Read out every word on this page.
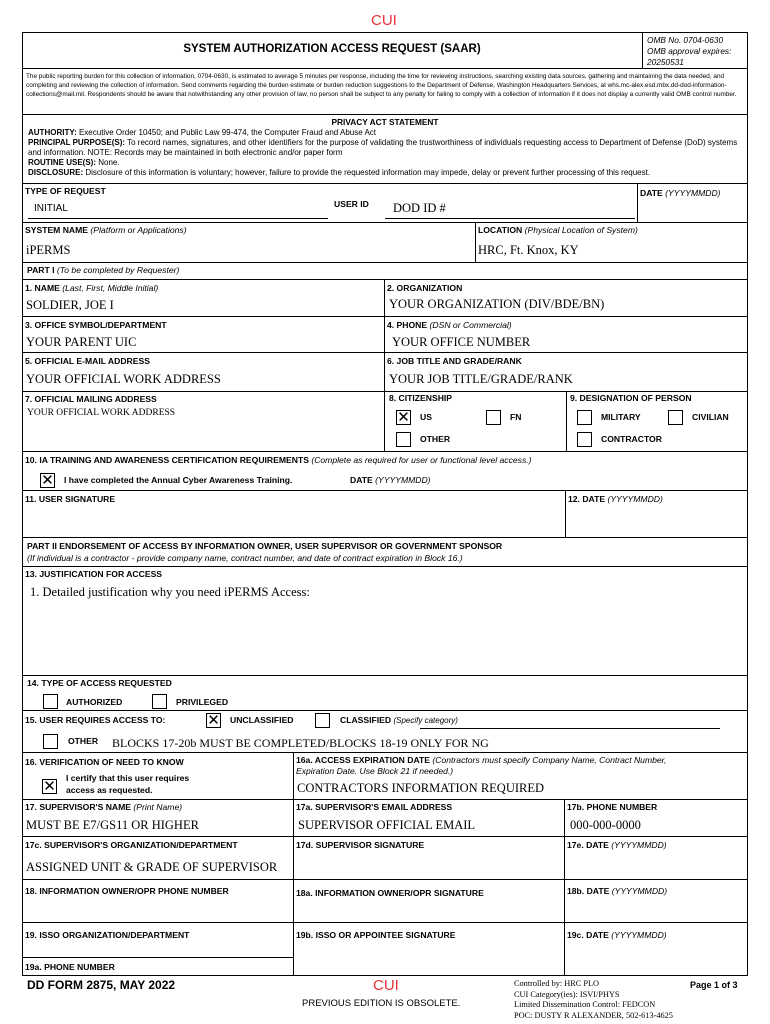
CUI
SYSTEM AUTHORIZATION ACCESS REQUEST (SAAR)
OMB No. 0704-0630
OMB approval expires:
20250531
The public reporting burden for this collection of information, 0704-0630, is estimated to average 5 minutes per response, including the time for reviewing instructions, searching existing data sources, gathering and maintaining the data needed, and completing and reviewing the collection of information. Send comments regarding the burden estimate or burden reduction suggestions to the Department of Defense, Washington Headquarters Services, at whs.mc-alex.esd.mbx.dd-dod-information-collections@mail.mil. Respondents should be aware that notwithstanding any other provision of law, no person shall be subject to any penalty for failing to comply with a collection of information if it does not display a currently valid OMB control number.
PRIVACY ACT STATEMENT
AUTHORITY: Executive Order 10450; and Public Law 99-474, the Computer Fraud and Abuse Act
PRINCIPAL PURPOSE(S): To record names, signatures, and other identifiers for the purpose of validating the trustworthiness of individuals requesting access to Department of Defense (DoD) systems and information. NOTE: Records may be maintained in both electronic and/or paper form
ROUTINE USE(S): None.
DISCLOSURE: Disclosure of this information is voluntary; however, failure to provide the requested information may impede, delay or prevent further processing of this request.
TYPE OF REQUEST
INITIAL	USER ID DOD ID #
DATE (YYYYMMDD)
SYSTEM NAME (Platform or Applications)
iPERMS
LOCATION (Physical Location of System)
HRC, Ft. Knox, KY
PART I (To be completed by Requester)
1. NAME (Last, First, Middle Initial)
SOLDIER, JOE I
2. ORGANIZATION
YOUR ORGANIZATION (DIV/BDE/BN)
3. OFFICE SYMBOL/DEPARTMENT
YOUR PARENT UIC
4. PHONE (DSN or Commercial)
YOUR OFFICE NUMBER
5. OFFICIAL E-MAIL ADDRESS
YOUR OFFICIAL WORK ADDRESS
6. JOB TITLE AND GRADE/RANK
YOUR JOB TITLE/GRADE/RANK
7. OFFICIAL MAILING ADDRESS
YOUR OFFICIAL WORK ADDRESS
8. CITIZENSHIP
✕ US	FN
OTHER
9. DESIGNATION OF PERSON
MILITARY	CIVILIAN
CONTRACTOR
10. IA TRAINING AND AWARENESS CERTIFICATION REQUIREMENTS (Complete as required for user or functional level access.)
✕ I have completed the Annual Cyber Awareness Training.	DATE (YYYYMMDD)
11. USER SIGNATURE	12. DATE (YYYYMMDD)
PART II ENDORSEMENT OF ACCESS BY INFORMATION OWNER, USER SUPERVISOR OR GOVERNMENT SPONSOR
(If individual is a contractor - provide company name, contract number, and date of contract expiration in Block 16.)
13. JUSTIFICATION FOR ACCESS
1. Detailed justification why you need iPERMS Access:
14. TYPE OF ACCESS REQUESTED
AUTHORIZED	PRIVILEGED
15. USER REQUIRES ACCESS TO:	✕ UNCLASSIFIED	CLASSIFIED (Specify category)
OTHER BLOCKS 17-20b MUST BE COMPLETED/BLOCKS 18-19 ONLY FOR NG
16. VERIFICATION OF NEED TO KNOW
✕ I certify that this user requires
access as requested.
16a. ACCESS EXPIRATION DATE (Contractors must specify Company Name, Contract Number,
Expiration Date. Use Block 21 if needed.)
CONTRACTORS INFORMATION REQUIRED
17. SUPERVISOR'S NAME (Print Name)
MUST BE E7/GS11 OR HIGHER
17a. SUPERVISOR'S EMAIL ADDRESS
SUPERVISOR OFFICIAL EMAIL
17b. PHONE NUMBER
000-000-0000
17c. SUPERVISOR'S ORGANIZATION/DEPARTMENT
ASSIGNED UNIT & GRADE OF SUPERVISOR
17d. SUPERVISOR SIGNATURE	17e. DATE (YYYYMMDD)
18. INFORMATION OWNER/OPR PHONE NUMBER	18a. INFORMATION OWNER/OPR SIGNATURE	18b. DATE (YYYYMMDD)
19. ISSO ORGANIZATION/DEPARTMENT	19b. ISSO OR APPOINTEE SIGNATURE	19c. DATE (YYYYMMDD)
19a. PHONE NUMBER
DD FORM 2875, MAY 2022	CUI
PREVIOUS EDITION IS OBSOLETE.
Controlled by: HRC PLO
CUI Category(ies): ISVI/PHYS
Limited Dissemination Control: FEDCON
POC: DUSTY R ALEXANDER, 502-613-4625
Page 1 of 3
